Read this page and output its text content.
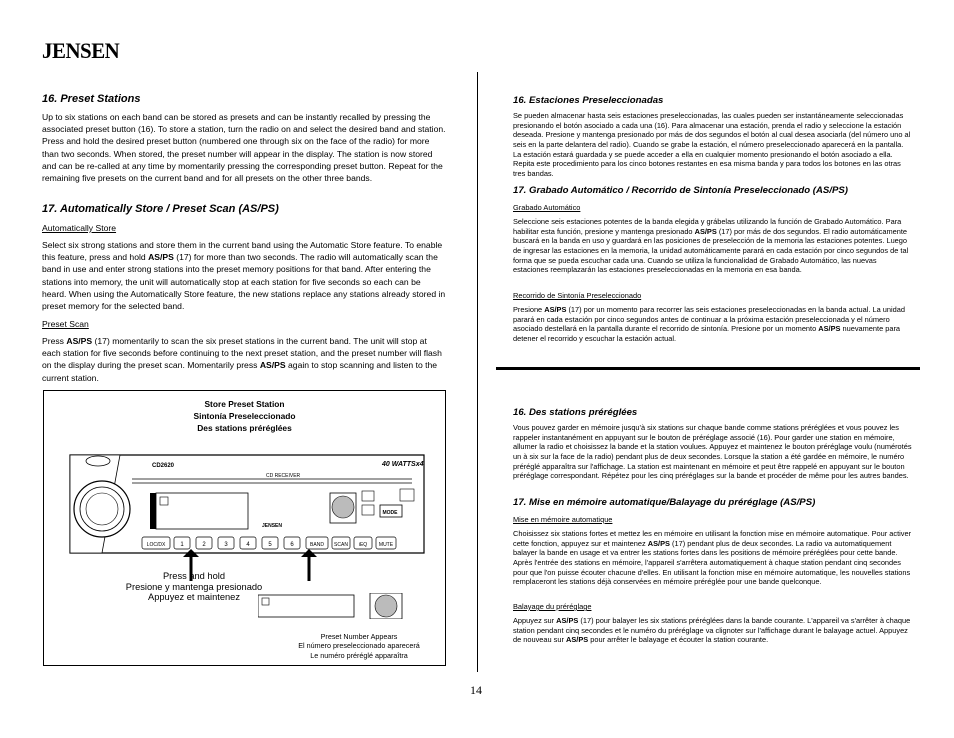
JENSEN
16. Preset Stations
Up to six stations on each band can be stored as presets and can be instantly recalled by pressing the associated preset button (16). To store a station, turn the radio on and select the desired band and station. Press and hold the desired preset button (numbered one through six on the face of the radio) for more than two seconds. When stored, the preset number will appear in the display. The station is now stored and can be re-called at any time by momentarily pressing the corresponding preset button. Repeat for the remaining five presets on the current band and for all presets on the other three bands.
17. Automatically Store / Preset Scan (AS/PS)
Automatically Store
Select six strong stations and store them in the current band using the Automatic Store feature. To enable this feature, press and hold AS/PS (17) for more than two seconds. The radio will automatically scan the band in use and enter strong stations into the preset memory positions for that band. After entering the stations into memory, the unit will automatically stop at each station for five seconds so each can be heard. When using the Automatically Store feature, the new stations replace any stations already stored in preset memory for the selected band.
Preset Scan
Press AS/PS (17) momentarily to scan the six preset stations in the current band. The unit will stop at each station for five seconds before continuing to the next preset station, and the preset number will flash on the display during the preset scan. Momentarily press AS/PS again to stop scanning and listen to the current station.
Store Preset Station
Sintonía Preseleccionado
Des stations préréglées
MODE
CD2620	40 WATTSx4
CD RECEIVER
JENSEN
LOC/DX	1	2	3	4	5	6	BAND SCAN iEQ MUTE
Press and hold
Presione y mantenga presionado
Appuyez et maintenez
Preset Number Appears
El número preseleccionado aparecerá
Le numéro préréglé apparaîtra
16. Estaciones Preseleccionadas
Se pueden almacenar hasta seis estaciones preseleccionadas, las cuales pueden ser instantáneamente seleccionadas presionando el botón asociado a cada una (16). Para almacenar una estación, prenda el radio y seleccione la estación deseada. Presione y mantenga presionado por más de dos segundos el botón al cual desea asociarla (del número uno al seis en la parte delantera del radio). Cuando se grabe la estación, el número preseleccionado aparecerá en la pantalla. La estación estará guardada y se puede acceder a ella en cualquier momento presionando el botón asociado a ella. Repita este procedimiento para los cinco botones restantes en esa misma banda y para todos los botones en las otras tres bandas.
17. Grabado Automático / Recorrido de Sintonía Preseleccionado (AS/PS)
Grabado Automático
Seleccione seis estaciones potentes de la banda elegida y grábelas utilizando la función de Grabado Automático. Para habilitar esta función, presione y mantenga presionado AS/PS (17) por más de dos segundos. El radio automáticamente buscará en la banda en uso y guardará en las posiciones de preselección de la memoria las estaciones potentes. Luego de ingresar las estaciones en la memoria, la unidad automáticamente parará en cada estación por cinco segundos de tal forma que se pueda escuchar cada una. Cuando se utiliza la funcionalidad de Grabado Automático, las nuevas estaciones reemplazarán las estaciones preseleccionadas en la memoria en esa banda.
Recorrido de Sintonía Preseleccionado
Presione AS/PS (17) por un momento para recorrer las seis estaciones preseleccionadas en la banda actual. La unidad parará en cada estación por cinco segundos antes de continuar a la próxima estación preseleccionada y el número asociado destellará en la pantalla durante el recorrido de sintonía. Presione por un momento AS/PS nuevamente para detener el recorrido y escuchar la estación actual.
16. Des stations préréglées
Vous pouvez garder en mémoire jusqu'à six stations sur chaque bande comme stations préréglées et vous pouvez les rappeler instantanément en appuyant sur le bouton de préréglage associé (16). Pour garder une station en mémoire, allumer la radio et choisissez la bande et la station voulues. Appuyez et maintenez le bouton préréglage voulu (numérotés un à six sur la face de la radio) pendant plus de deux secondes. Lorsque la station a été gardée en mémoire, le numéro préréglé apparaîtra sur l'affichage. La station est maintenant en mémoire et peut être rappelé en appuyant sur le bouton préréglage correspondant. Répétez pour les cinq préréglages sur la bande et procéder de même pour les autres bandes.
17. Mise en mémoire automatique/Balayage du préréglage (AS/PS)
Mise en mémoire automatique
Choisissez six stations fortes et mettez les en mémoire en utilisant la fonction mise en mémoire automatique. Pour activer cette fonction, appuyez sur et maintenez AS/PS (17) pendant plus de deux secondes. La radio va automatiquement balayer la bande en usage et va entrer les stations fortes dans les positions de mémoire préréglées pour cette bande. Après l'entrée des stations en mémoire, l'appareil s'arrêtera automatiquement à chaque station pendant cinq secondes pour que l'on puisse écouter chacune d'elles. En utilisant la fonction mise en mémoire automatique, les nouvelles stations remplaceront les stations déjà conservées en mémoire préréglée pour une bande quelconque.
Balayage du préréglage
Appuyez sur AS/PS (17) pour balayer les six stations préréglées dans la bande courante. L'appareil va s'arrêter à chaque station pendant cinq secondes et le numéro du préréglage va clignoter sur l'affichage durant le balayage actuel. Appuyez de nouveau sur AS/PS pour arrêter le balayage et écouter la station courante.
14
